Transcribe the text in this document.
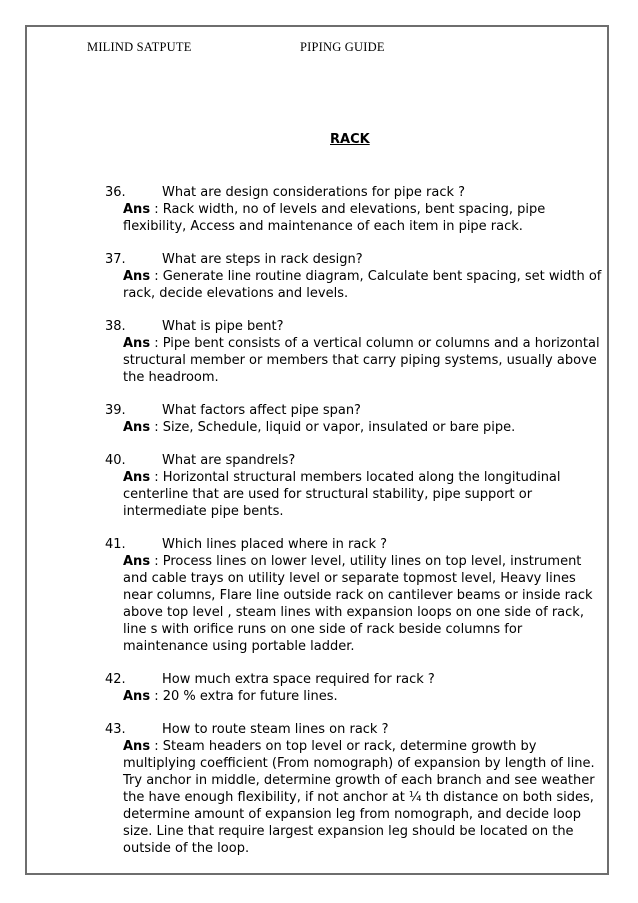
MILIND SATPUTE	PIPING GUIDE
RACK
36.	What are design considerations for pipe rack ?
Ans : Rack width, no of levels and elevations, bent spacing, pipe flexibility, Access and maintenance of each item in pipe rack.
37.	What are steps in rack design?
Ans : Generate line routine diagram, Calculate bent spacing, set width of rack, decide elevations and levels.
38.	What is pipe bent?
Ans : Pipe bent consists of a vertical column or columns and a horizontal structural member or members that carry piping systems, usually above the headroom.
39.	What factors affect pipe span?
Ans : Size, Schedule, liquid or vapor, insulated or bare pipe.
40.	What are spandrels?
Ans : Horizontal structural members located along the longitudinal centerline that are used for structural stability, pipe support or intermediate pipe bents.
41.	Which lines placed where in rack ?
Ans : Process lines on lower level, utility lines on top level, instrument and cable trays on utility level or separate topmost level, Heavy lines near columns, Flare line outside rack on cantilever beams or inside rack above top level , steam lines with expansion loops on one side of rack, line s with orifice runs on one side of rack beside columns for maintenance using portable ladder.
42.	How much extra space required for rack ?
Ans : 20 % extra for future lines.
43.	How to route steam lines on rack ?
Ans : Steam headers on top level or rack, determine growth by multiplying coefficient (From nomograph) of expansion by length of line. Try anchor in middle, determine growth of each branch and see weather the have enough flexibility, if not anchor at ¼ th distance on both sides, determine amount of expansion leg from nomograph, and decide loop size. Line that require largest expansion leg should be located on the outside of the loop.
